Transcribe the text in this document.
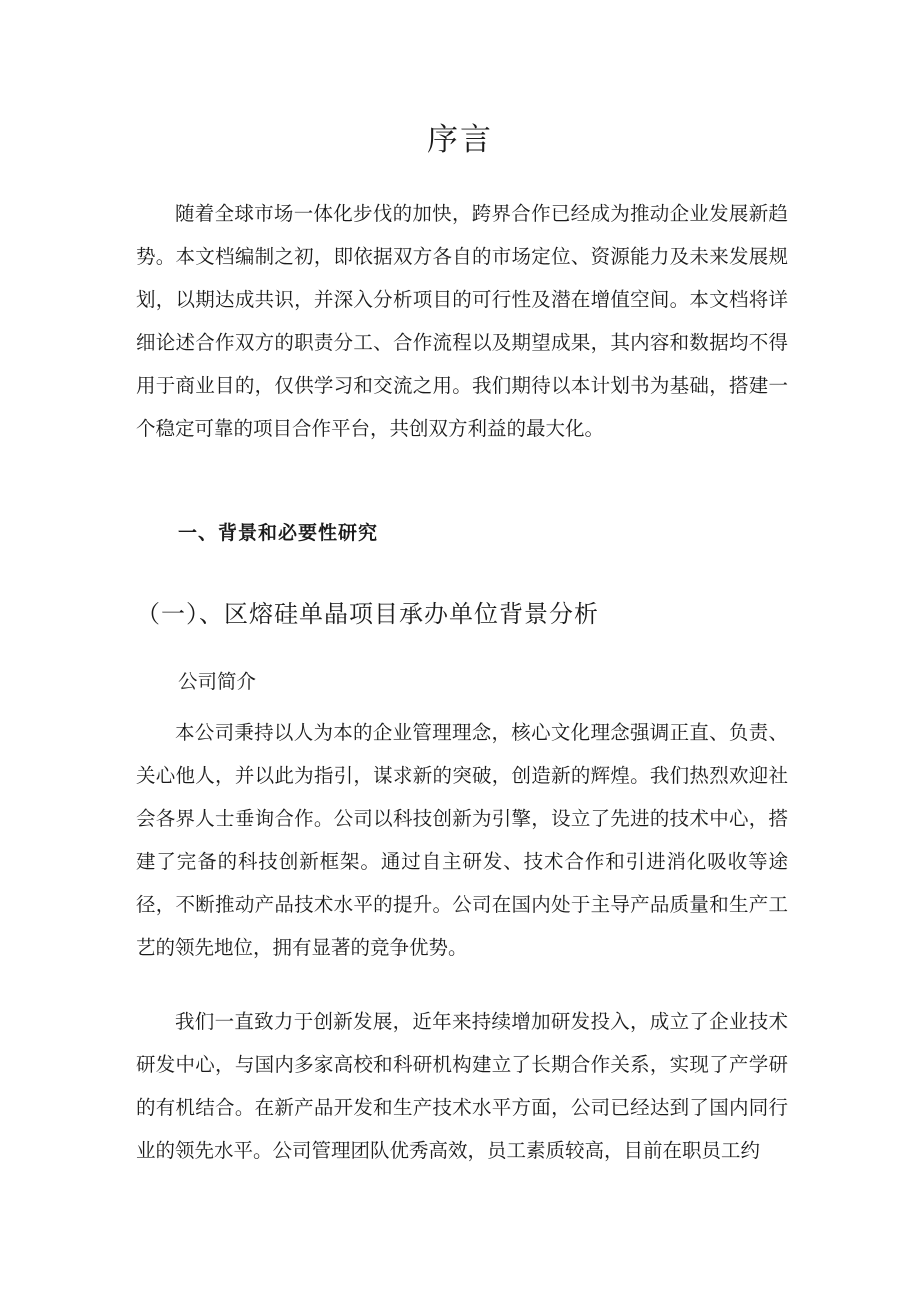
序言

随着全球市场一体化步伐的加快，跨界合作已经成为推动企业发展新趋势。本文档编制之初，即依据双方各自的市场定位、资源能力及未来发展规划，以期达成共识，并深入分析项目的可行性及潜在增值空间。本文档将详细论述合作双方的职责分工、合作流程以及期望成果，其内容和数据均不得用于商业目的，仅供学习和交流之用。我们期待以本计划书为基础，搭建一个稳定可靠的项目合作平台，共创双方利益的最大化。

一、背景和必要性研究
（一）、区熔硅单晶项目承办单位背景分析
公司简介

本公司秉持以人为本的企业管理理念，核心文化理念强调正直、负责、关心他人，并以此为指引，谋求新的突破，创造新的辉煌。我们热烈欢迎社会各界人士垂询合作。公司以科技创新为引擎，设立了先进的技术中心，搭建了完备的科技创新框架。通过自主研发、技术合作和引进消化吸收等途径，不断推动产品技术水平的提升。公司在国内处于主导产品质量和生产工艺的领先地位，拥有显著的竞争优势。

我们一直致力于创新发展，近年来持续增加研发投入，成立了企业技术研发中心，与国内多家高校和科研机构建立了长期合作关系，实现了产学研的有机结合。在新产品开发和生产技术水平方面，公司已经达到了国内同行业的领先水平。公司管理团队优秀高效，员工素质较高，目前在职员工约
